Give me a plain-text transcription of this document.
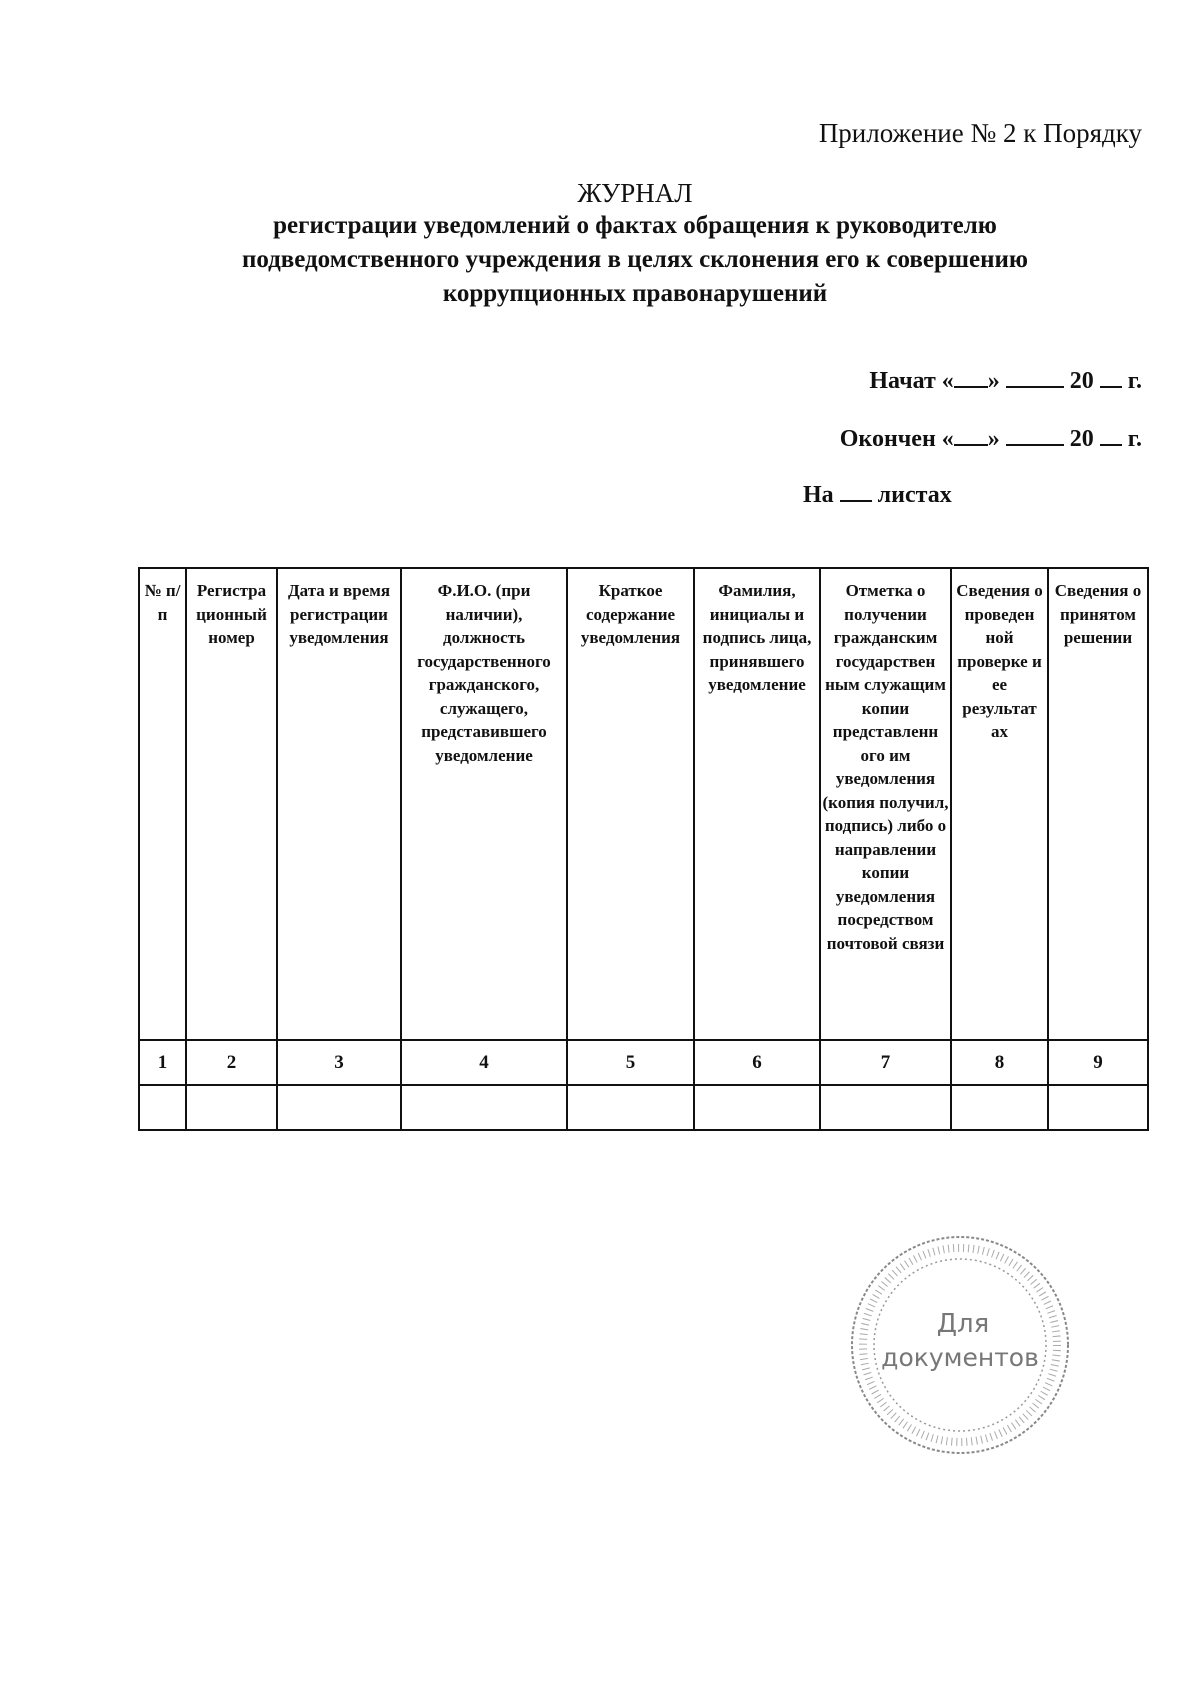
Приложение № 2 к Порядку
ЖУРНАЛ
регистрации уведомлений о фактах обращения к руководителю
подведомственного учреждения в целях склонения его к совершению
коррупционных правонарушений
Начат « »	20 г.
Окончен « »	20 г.
На листах
№ п/п	Регистра ционный номер	Дата и время регистрации уведомления	Ф.И.О. (при наличии), должность государственного гражданского, служащего, представившего уведомление	Краткое содержание уведомления	Фамилия, инициалы и подпись лица, принявшего уведомление	Отметка о получении гражданским государствен ным служащим копии представленн ого им уведомления (копия получил, подпись) либо о направлении копии уведомления посредством почтовой связи	Сведения о проведен ной проверке и ее результат ах	Сведения о принятом решении
1	2	3	4	5	6	7	8	9

Для
документов
